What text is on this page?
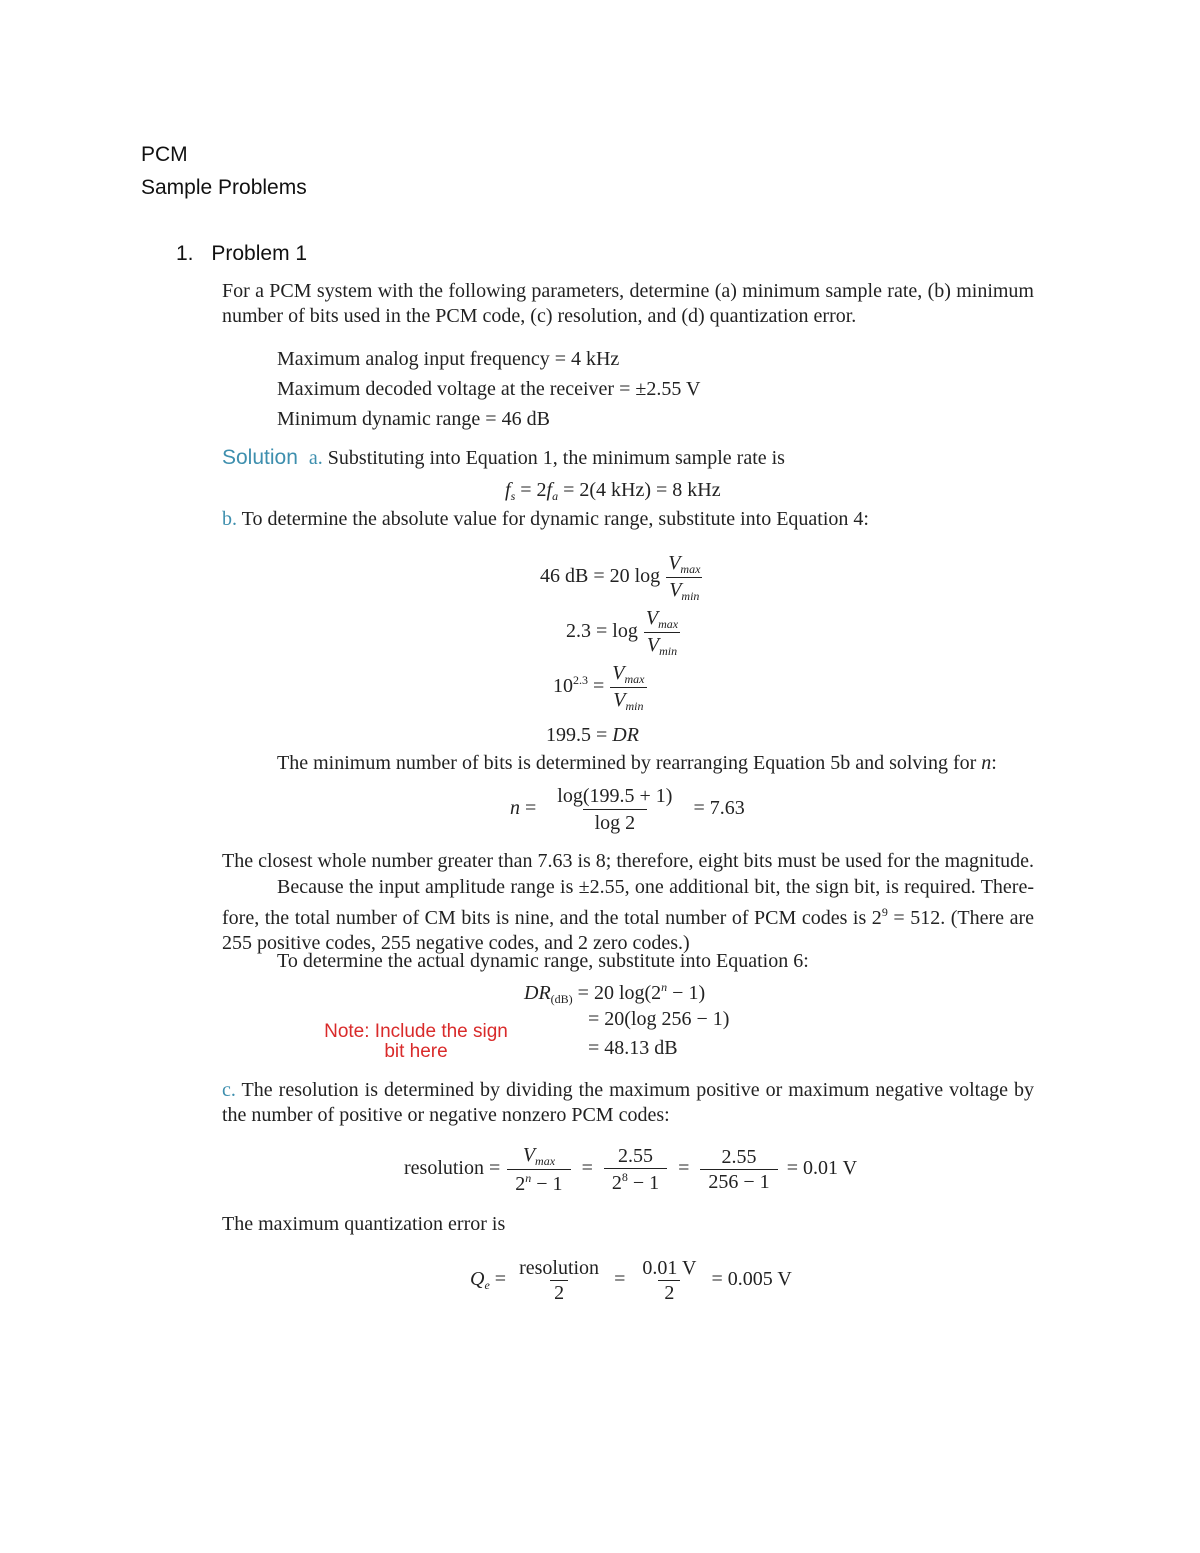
PCM
Sample Problems
1. Problem 1
For a PCM system with the following parameters, determine (a) minimum sample rate, (b) minimum number of bits used in the PCM code, (c) resolution, and (d) quantization error.
Maximum analog input frequency = 4 kHz
Maximum decoded voltage at the receiver = ±2.55 V
Minimum dynamic range = 46 dB
Solution a. Substituting into Equation 1, the minimum sample rate is
$f_s = 2f_a = 2(4$ kHz) = 8 kHz
b. To determine the absolute value for dynamic range, substitute into Equation 4:
46 dB = 20 $\log \frac{V_{max}}{V_{min}}$
$2.3 = \log \frac{V_{max}}{V_{min}}$
$10^{2.3} = \frac{V_{max}}{V_{min}}$
199.5 = DR
The minimum number of bits is determined by rearranging Equation 5b and solving for n:
$n = \frac{\log(199.5 + 1)}{\log 2} = 7.63$
The closest whole number greater than 7.63 is 8; therefore, eight bits must be used for the magnitude.
Because the input amplitude range is ±2.55, one additional bit, the sign bit, is required. There-fore, the total number of CM bits is nine, and the total number of PCM codes is $2^9 = 512$. (There are 255 positive codes, 255 negative codes, and 2 zero codes.)
To determine the actual dynamic range, substitute into Equation 6:
$DR_{(dB)} = 20$ $\log(2^n - 1)$
= 20(log 256 − 1)
= 48.13 dB
Note: Include the sign
bit here
c. The resolution is determined by dividing the maximum positive or maximum negative voltage by the number of positive or negative nonzero PCM codes:
resolution = $\frac{V_{max}}{2^n - 1} = \frac{2.55}{2^8 - 1} = \frac{2.55}{256 - 1} = 0.01$ V
The maximum quantization error is
$Q_e = \frac{\text{resolution}}{2} = \frac{0.01 V}{2} = 0.005$ V
